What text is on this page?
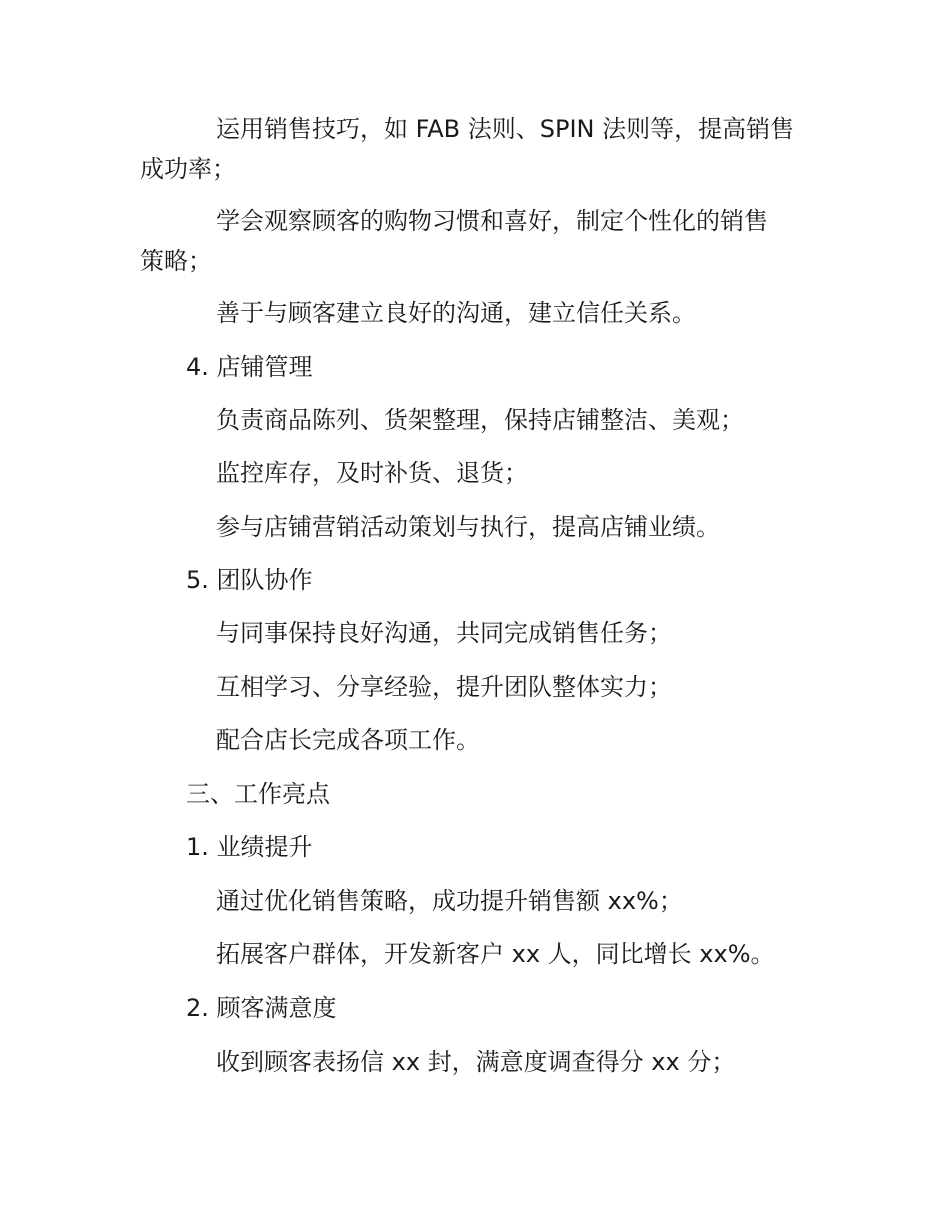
运用销售技巧，如 FAB 法则、SPIN 法则等，提高销售
成功率；
学会观察顾客的购物习惯和喜好，制定个性化的销售
策略；
善于与顾客建立良好的沟通，建立信任关系。
4. 店铺管理
负责商品陈列、货架整理，保持店铺整洁、美观；
监控库存，及时补货、退货；
参与店铺营销活动策划与执行，提高店铺业绩。
5. 团队协作
与同事保持良好沟通，共同完成销售任务；
互相学习、分享经验，提升团队整体实力；
配合店长完成各项工作。
三、工作亮点
1. 业绩提升
通过优化销售策略，成功提升销售额 xx%；
拓展客户群体，开发新客户 xx 人，同比增长 xx%。
2. 顾客满意度
收到顾客表扬信 xx 封，满意度调查得分 xx 分；
